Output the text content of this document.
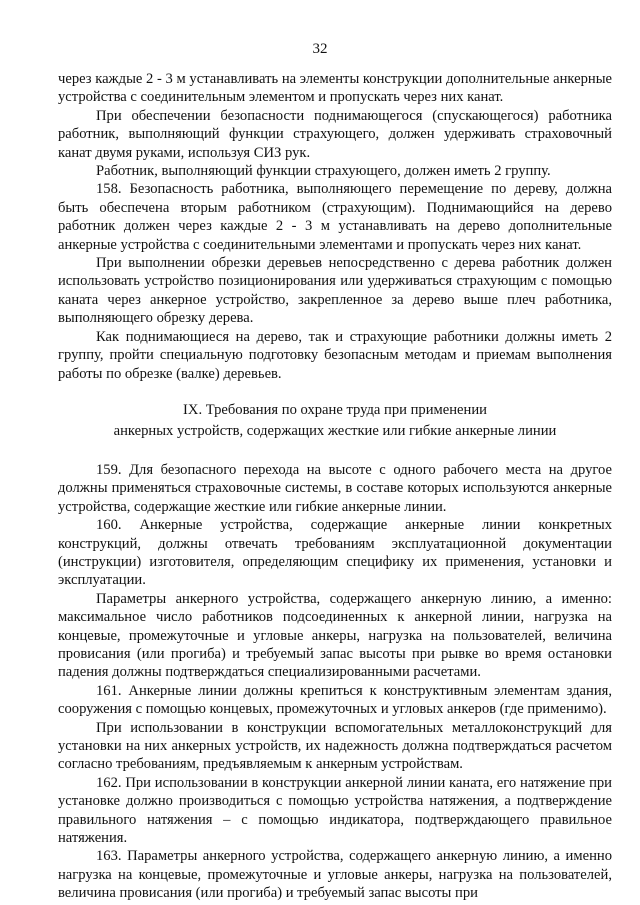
32

через каждые 2 - 3 м устанавливать на элементы конструкции дополнительные анкерные устройства с соединительным элементом и пропускать через них канат.

При обеспечении безопасности поднимающегося (спускающегося) работника работник, выполняющий функции страхующего, должен удерживать страховочный канат двумя руками, используя СИЗ рук.

Работник, выполняющий функции страхующего, должен иметь 2 группу.

158. Безопасность работника, выполняющего перемещение по дереву, должна быть обеспечена вторым работником (страхующим). Поднимающийся на дерево работник должен через каждые 2 - 3 м устанавливать на дерево дополнительные анкерные устройства с соединительными элементами и пропускать через них канат.

При выполнении обрезки деревьев непосредственно с дерева работник должен использовать устройство позиционирования или удерживаться страхующим с помощью каната через анкерное устройство, закрепленное за дерево выше плеч работника, выполняющего обрезку дерева.

Как поднимающиеся на дерево, так и страхующие работники должны иметь 2 группу, пройти специальную подготовку безопасным методам и приемам выполнения работы по обрезке (валке) деревьев.

IX. Требования по охране труда при применении
анкерных устройств, содержащих жесткие или гибкие анкерные линии

159. Для безопасного перехода на высоте с одного рабочего места на другое должны применяться страховочные системы, в составе которых используются анкерные устройства, содержащие жесткие или гибкие анкерные линии.

160. Анкерные устройства, содержащие анкерные линии конкретных конструкций, должны отвечать требованиям эксплуатационной документации (инструкции) изготовителя, определяющим специфику их применения, установки и эксплуатации.

Параметры анкерного устройства, содержащего анкерную линию, а именно: максимальное число работников подсоединенных к анкерной линии, нагрузка на концевые, промежуточные и угловые анкеры, нагрузка на пользователей, величина провисания (или прогиба) и требуемый запас высоты при рывке во время остановки падения должны подтверждаться специализированными расчетами.

161. Анкерные линии должны крепиться к конструктивным элементам здания, сооружения с помощью концевых, промежуточных и угловых анкеров (где применимо).

При использовании в конструкции вспомогательных металлоконструкций для установки на них анкерных устройств, их надежность должна подтверждаться расчетом согласно требованиям, предъявляемым к анкерным устройствам.

162. При использовании в конструкции анкерной линии каната, его натяжение при установке должно производиться с помощью устройства натяжения, а подтверждение правильного натяжения – с помощью индикатора, подтверждающего правильное натяжения.

163. Параметры анкерного устройства, содержащего анкерную линию, а именно нагрузка на концевые, промежуточные и угловые анкеры, нагрузка на пользователей, величина провисания (или прогиба) и требуемый запас высоты при
